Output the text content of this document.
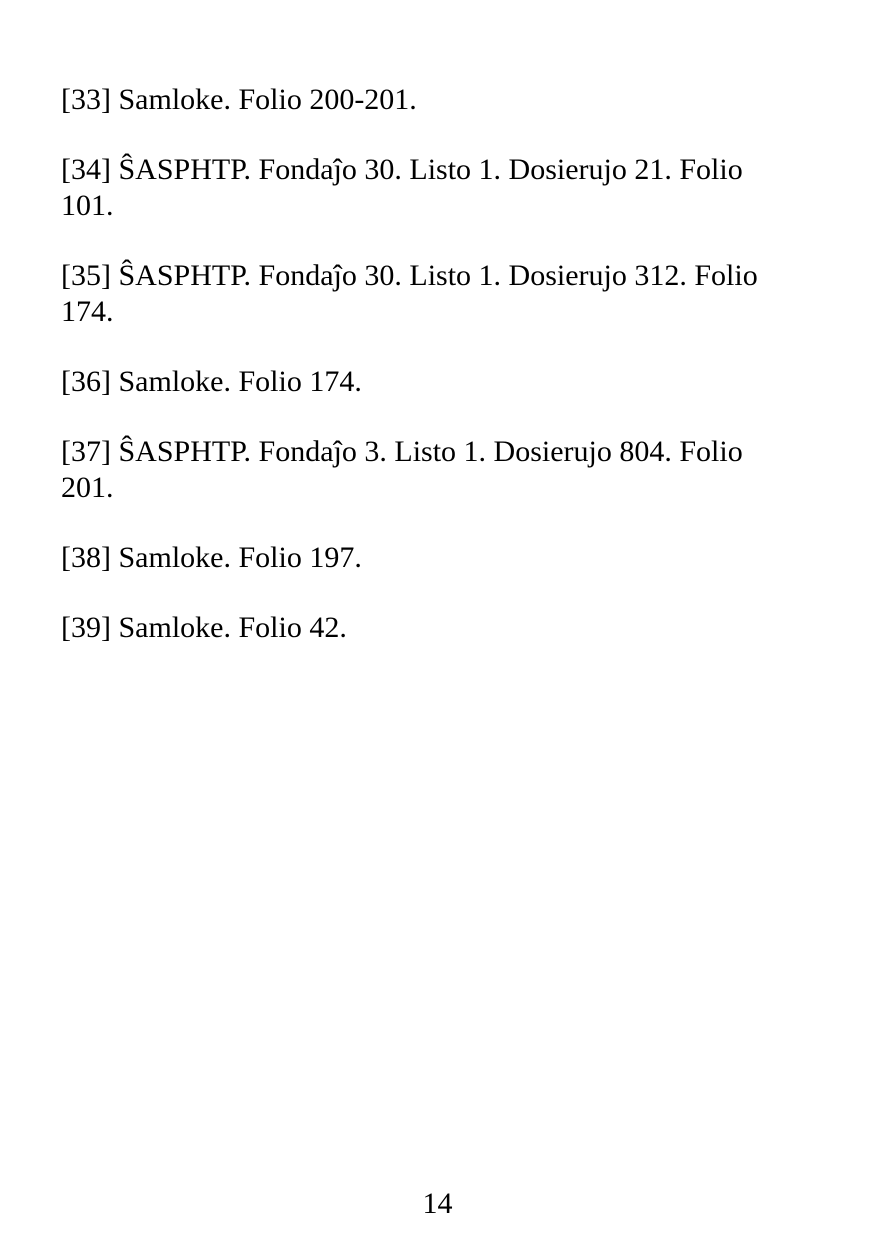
[33] Samloke. Folio 200-201.
[34] ŜASPHTP. Fondaĵo 30. Listo 1. Dosierujo 21. Folio 101.
[35] ŜASPHTP. Fondaĵo 30. Listo 1. Dosierujo 312. Folio 174.
[36] Samloke. Folio 174.
[37] ŜASPHTP. Fondaĵo 3. Listo 1. Dosierujo 804. Folio 201.
[38] Samloke. Folio 197.
[39] Samloke. Folio 42.
14
